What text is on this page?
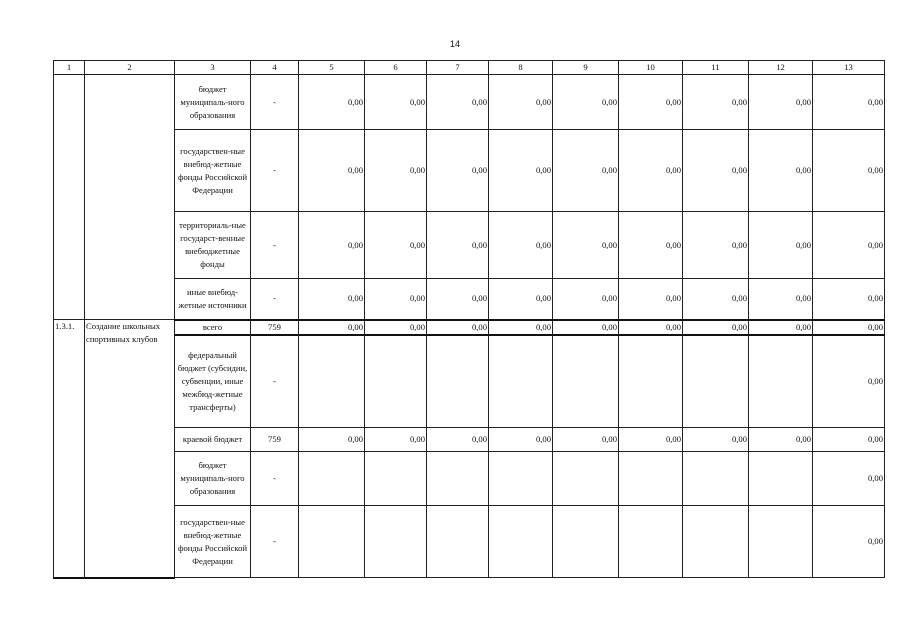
14
1	2	3	4	5	6	7	8	9	10	11	12	13
		бюджет муниципаль-ного образования	-	0,00	0,00	0,00	0,00	0,00	0,00	0,00	0,00	0,00
		государствен-ные внебюд-жетные фонды Российской Федерации	-	0,00	0,00	0,00	0,00	0,00	0,00	0,00	0,00	0,00
		территориаль-ные государст-венные внебюджетные фонды	-	0,00	0,00	0,00	0,00	0,00	0,00	0,00	0,00	0,00
		иные внебюд-жетные источники	-	0,00	0,00	0,00	0,00	0,00	0,00	0,00	0,00	0,00
1.3.1.	Создание школьных спортивных клубов	всего	759	0,00	0,00	0,00	0,00	0,00	0,00	0,00	0,00	0,00
		федеральный бюджет (субсидии, субвенции, иные межбюд-жетные трансферты)	-									0,00
		краевой бюджет	759	0,00	0,00	0,00	0,00	0,00	0,00	0,00	0,00	0,00
		бюджет муниципаль-ного образования	-									0,00
		государствен-ные внебюд-жетные фонды Российской Федерации	-									0,00
